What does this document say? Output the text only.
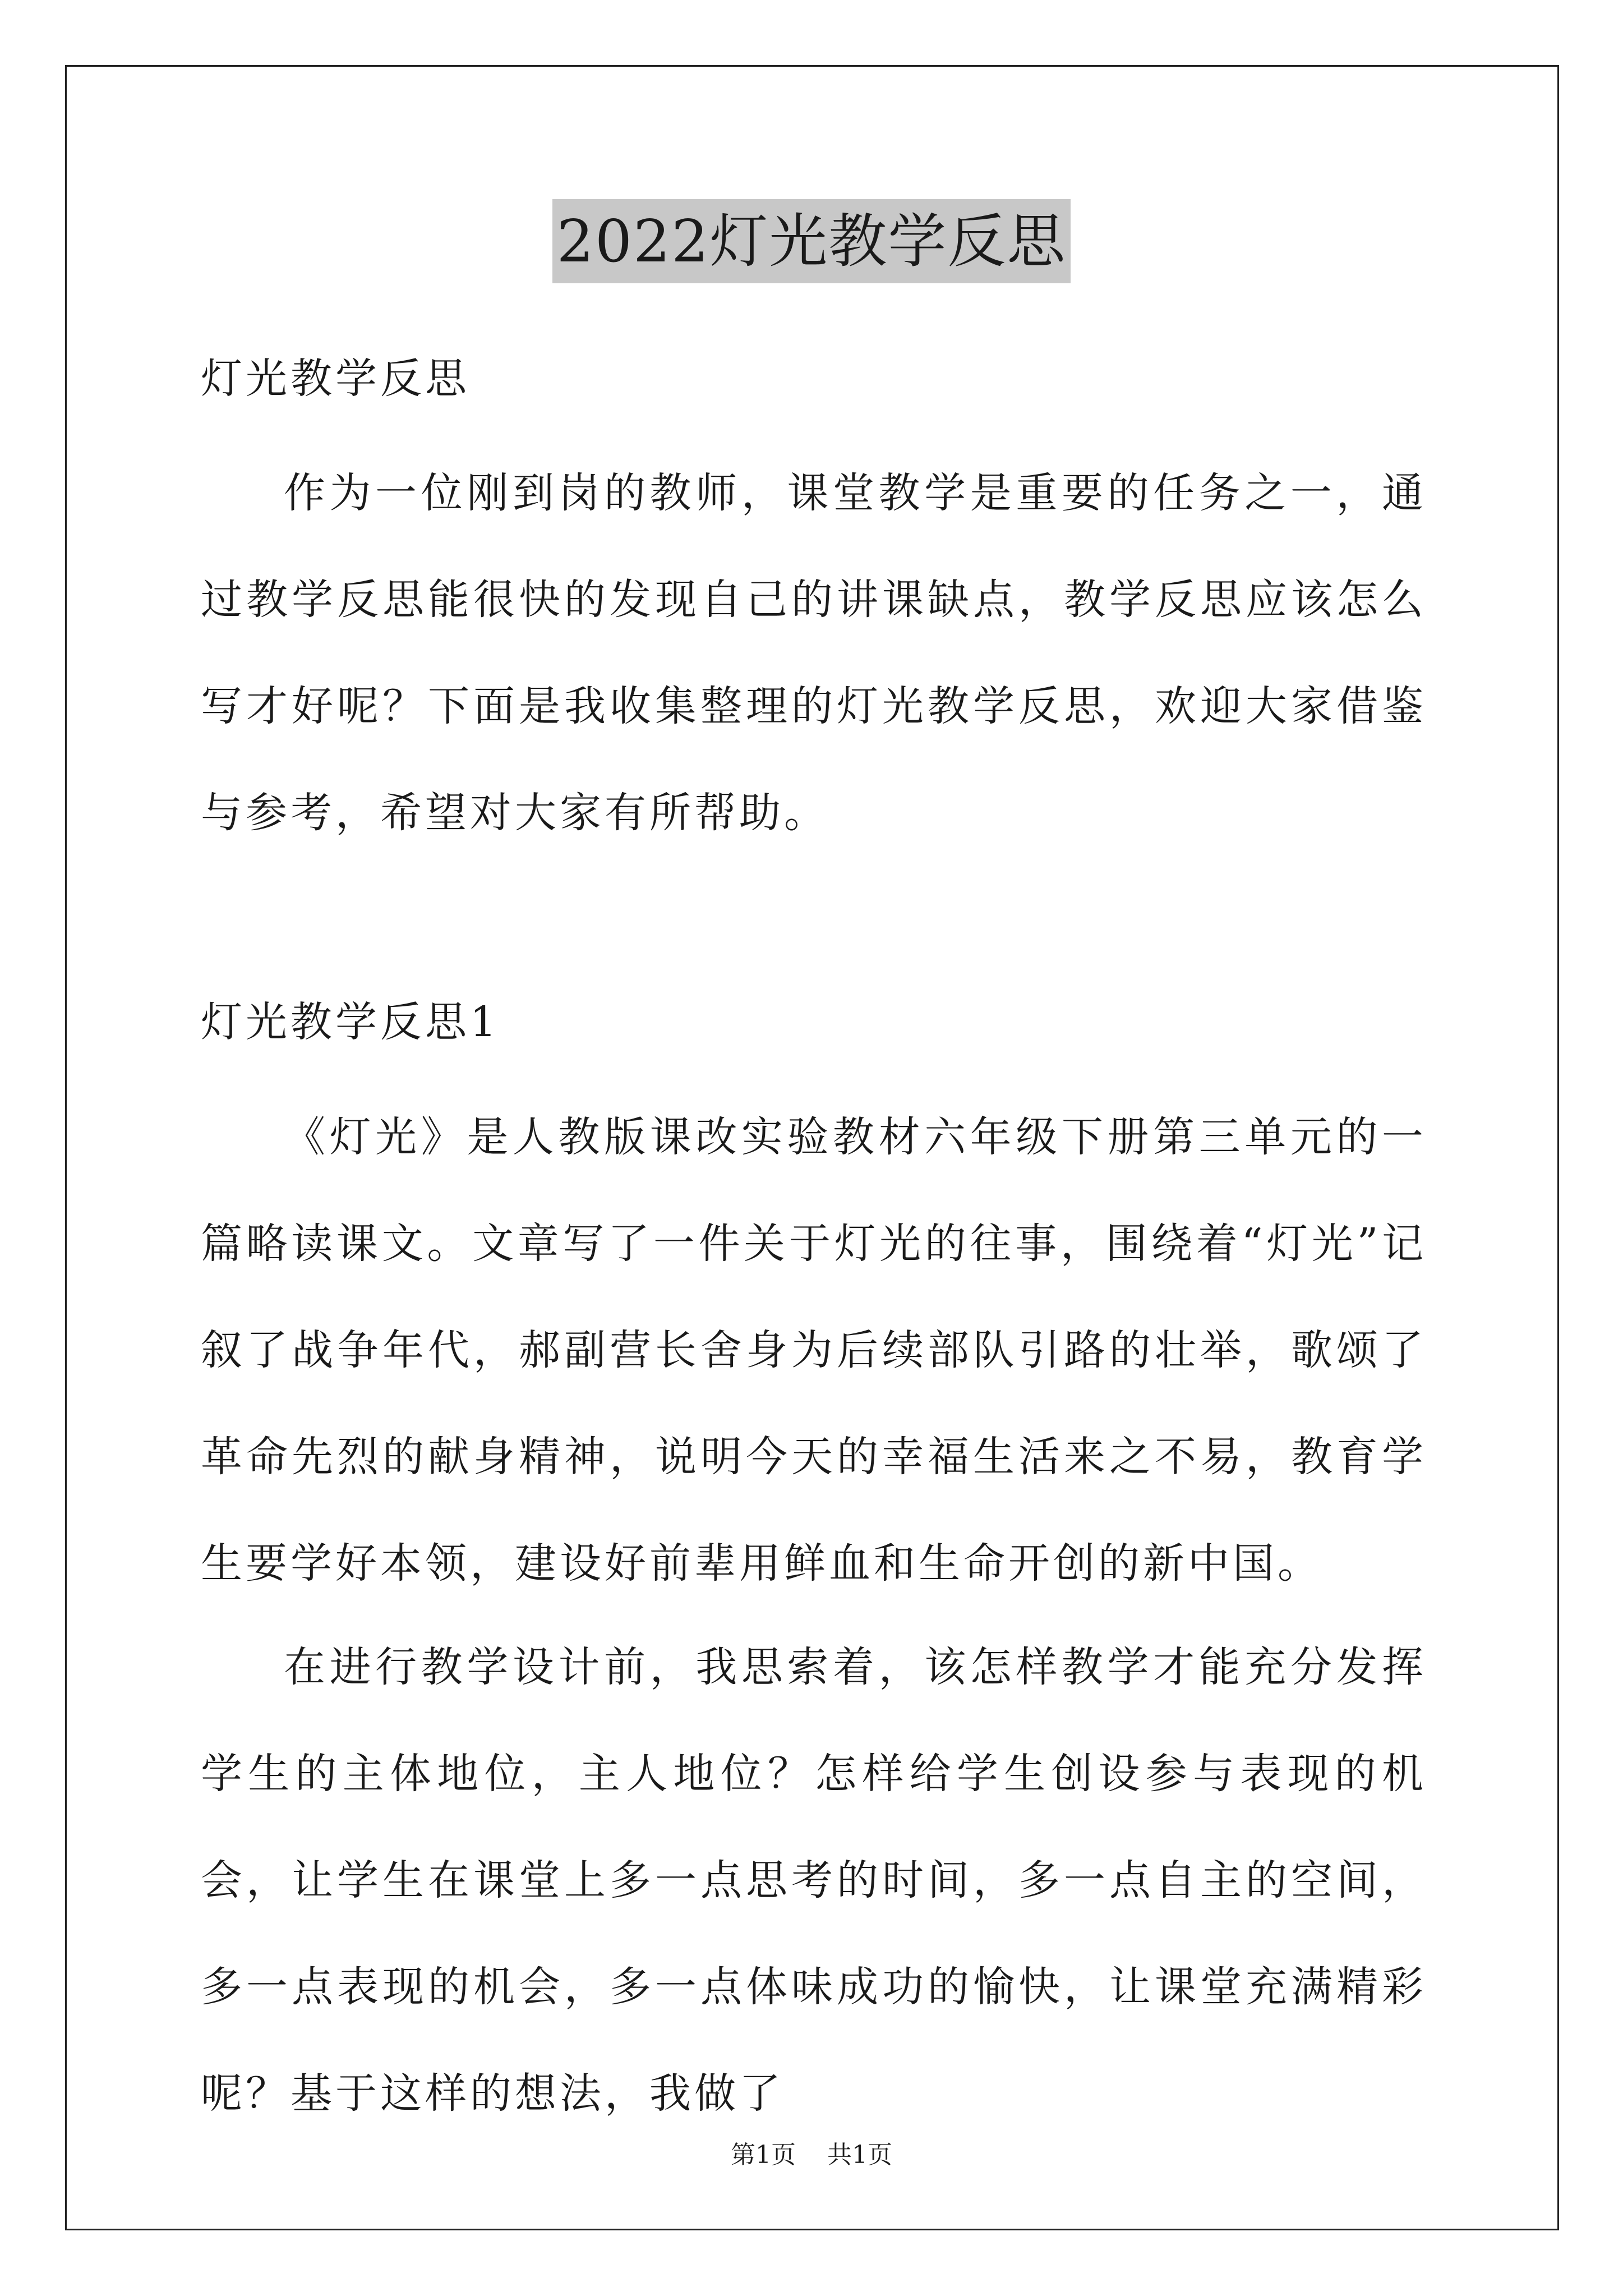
2022灯光教学反思
灯光教学反思

作为一位刚到岗的教师，课堂教学是重要的任务之一，通过教学反思能很快的发现自己的讲课缺点，教学反思应该怎么写才好呢？下面是我收集整理的灯光教学反思，欢迎大家借鉴与参考，希望对大家有所帮助。

灯光教学反思1

《灯光》是人教版课改实验教材六年级下册第三单元的一篇略读课文。文章写了一件关于灯光的往事，围绕着“灯光”记叙了战争年代，郝副营长舍身为后续部队引路的壮举，歌颂了革命先烈的献身精神，说明今天的幸福生活来之不易，教育学生要学好本领，建设好前辈用鲜血和生命开创的新中国。

在进行教学设计前，我思索着，该怎样教学才能充分发挥学生的主体地位，主人地位？怎样给学生创设参与表现的机会，让学生在课堂上多一点思考的时间，多一点自主的空间，多一点表现的机会，多一点体味成功的愉快，让课堂充满精彩呢？基于这样的想法，我做了

第1页 共1页
